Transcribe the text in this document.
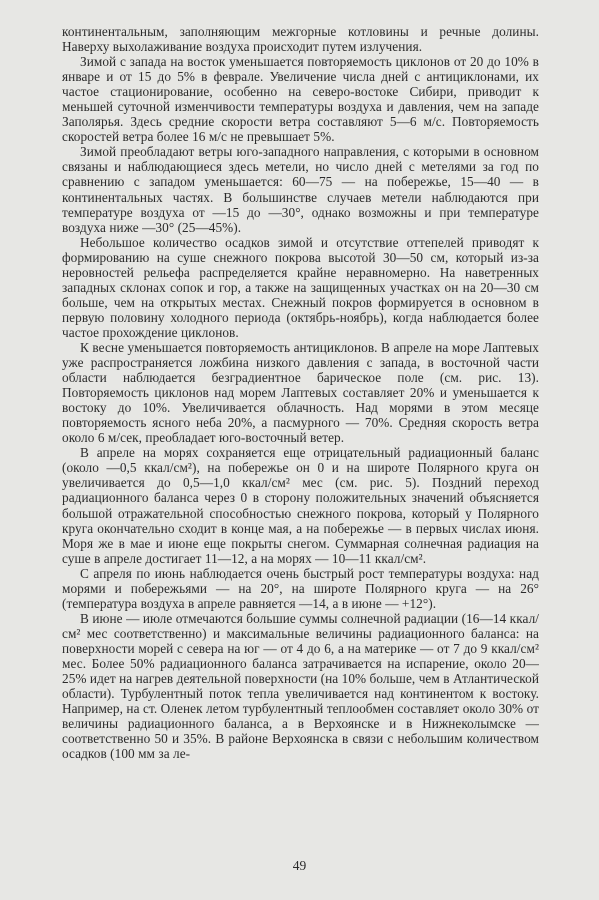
континентальным, заполняющим межгорные котловины и речные долины. Наверху выхолаживание воздуха происходит путем излучения.

Зимой с запада на восток уменьшается повторяемость циклонов от 20 до 10% в январе и от 15 до 5% в феврале. Увеличение числа дней с антициклонами, их частое стационирование, особенно на северо-востоке Сибири, приводит к меньшей суточной изменчивости температуры воздуха и давления, чем на западе Заполярья. Здесь средние скорости ветра составляют 5—6 м/с. Повторяемость скоростей ветра более 16 м/с не превышает 5%.

Зимой преобладают ветры юго-западного направления, с которыми в основном связаны и наблюдающиеся здесь метели, но число дней с метелями за год по сравнению с западом уменьшается: 60—75 — на побережье, 15—40 — в континентальных частях. В большинстве случаев метели наблюдаются при температуре воздуха от —15 до —30°, однако возможны и при температуре воздуха ниже —30° (25—45%).

Небольшое количество осадков зимой и отсутствие оттепелей приводят к формированию на суше снежного покрова высотой 30—50 см, который из-за неровностей рельефа распределяется крайне неравномерно. На наветренных западных склонах сопок и гор, а также на защищенных участках он на 20—30 см больше, чем на открытых местах. Снежный покров формируется в основном в первую половину холодного периода (октябрь-ноябрь), когда наблюдается более частое прохождение циклонов.

К весне уменьшается повторяемость антициклонов. В апреле на море Лаптевых уже распространяется ложбина низкого давления с запада, в восточной части области наблюдается безградиентное барическое поле (см. рис. 13). Повторяемость циклонов над морем Лаптевых составляет 20% и уменьшается к востоку до 10%. Увеличивается облачность. Над морями в этом месяце повторяемость ясного неба 20%, а пасмурного — 70%. Средняя скорость ветра около 6 м/сек, преобладает юго-восточный ветер.

В апреле на морях сохраняется еще отрицательный радиационный баланс (около —0,5 ккал/см²), на побережье он 0 и на широте Полярного круга он увеличивается до 0,5—1,0 ккал/см² мес (см. рис. 5). Поздний переход радиационного баланса через 0 в сторону положительных значений объясняется большой отражательной способностью снежного покрова, который у Полярного круга окончательно сходит в конце мая, а на побережье — в первых числах июня. Моря же в мае и июне еще покрыты снегом. Суммарная солнечная радиация на суше в апреле достигает 11—12, а на морях — 10—11 ккал/см².

С апреля по июнь наблюдается очень быстрый рост температуры воздуха: над морями и побережьями — на 20°, на широте Полярного круга — на 26° (температура воздуха в апреле равняется —14, а в июне — +12°).

В июне — июле отмечаются большие суммы солнечной радиации (16—14 ккал/см² мес соответственно) и максимальные величины радиационного баланса: на поверхности морей с севера на юг — от 4 до 6, а на материке — от 7 до 9 ккал/см² мес. Более 50% радиационного баланса затрачивается на испарение, около 20—25% идет на нагрев деятельной поверхности (на 10% больше, чем в Атлантической области). Турбулентный поток тепла увеличивается над континентом к востоку. Например, на ст. Оленек летом турбулентный теплообмен составляет около 30% от величины радиационного баланса, а в Верхоянске и в Нижнеколымске — соответственно 50 и 35%. В районе Верхоянска в связи с небольшим количеством осадков (100 мм за ле-

49
